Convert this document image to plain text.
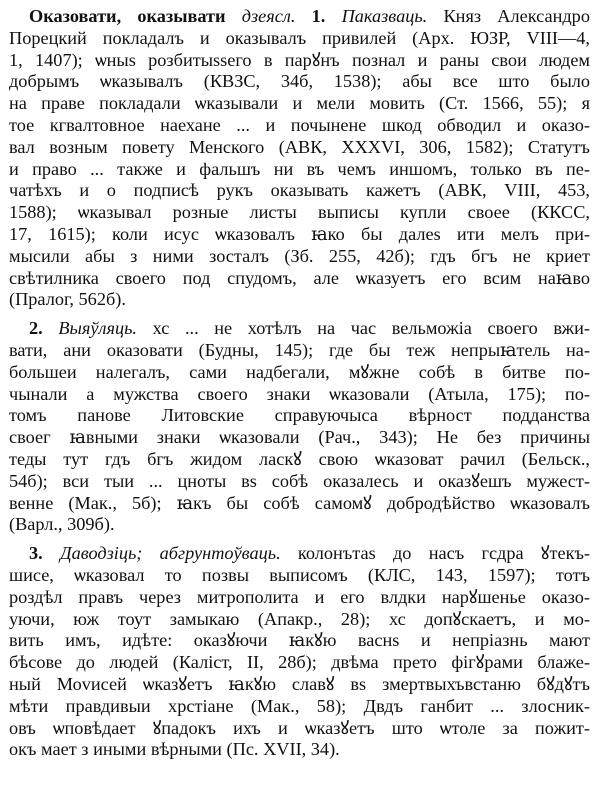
Оказовати, оказывати дзеясл. 1. Паказваць. Княз Александро
Порецкий покладалъ и оказывалъ привилей (Арх. ЮЗР, VIII—4,
1, 1407); ѡныs розбитыssего в парꙋнъ познал и раны свои людем
добрымъ ѡказывалъ (КВЗС, 34б, 1538); абы все што было
на праве покладали ѡказывали и мели мовить (Ст. 1566, 55); я
тое кгвалтовное наехане ... и почынене шкод обводил и оказо-
вал возным повету Менского (АВК, XXXVI, 306, 1582); Статутъ
и право ... также и фальшъ ни въ чемъ иншомъ, только въ пе-
чатѣхъ и о подписѣ рукъ оказывать кажетъ (АВК, VIII, 453,
1588); ѡказывал розные листы выписы купли своее (ККСС,
17, 1615); коли исус ѡказовалъ ꙗко бы далеs ити мелъ при-
мысили абы з ними зосталъ (Зб. 255, 42б); гдъ бгъ не криет
свѣтилника своего под спудомъ, але ѡказуетъ его всим наꙗво
(Пралог, 562б).
2. Выяўляць. хс ... не хотѣлъ на час вельможіа своего вжи-
вати, ани оказовати (Будны, 145); где бы теж непрыꙗтель на-
большеи налегалъ, сами надбегали, мꙋжне собѣ в битве по-
чынали а мужства своего знаки ѡказовали (Атыла, 175); по-
томъ панове Литовские справуючыса вѣрност подданства
своег ꙗвными знаки ѡказовали (Рач., 343); Не без причины
теды тут гдъ бгъ жидом ласкꙋ свою ѡказоват рачил (Бельск.,
54б); вси тыи ... цноты вs собѣ оказалесь и оказꙋешъ мужест-
венне (Мак., 5б); ꙗкъ бы собѣ самомꙋ добродѣйство ѡказовалъ
(Варл., 309б).
3. Даводзіць; абгрунтоўваць. колонътаs до насъ гсдра ꙋтекъ-
шисе, ѡказовал то позвы выписомъ (КЛС, 143, 1597); тотъ
роздѣл правъ через митрополита и его влдки нарꙋшенье оказо-
уючи, юж тоут замыкаю (Апакр., 28); хс допꙋскаетъ, и мо-
вить имъ, идѣте: оказꙋючи ꙗкꙋю васнs и непріазнь мают
бѣсове до людей (Каліст, II, 28б); двѣма прето фігꙋрами блаже-
ный Моvисей ѡказꙋетъ ꙗкꙋю славꙋ вs змертвыхъвстаню бꙋдꙋтъ
мѣти правдивыи хрстіане (Мак., 58); Двдъ ганбит ... злосник-
овъ ѡповѣдает ꙋпадокъ ихъ и ѡказꙋетъ што ѡтоле за пожит-
окъ мает з иными вѣрными (Пс. XVII, 34).
